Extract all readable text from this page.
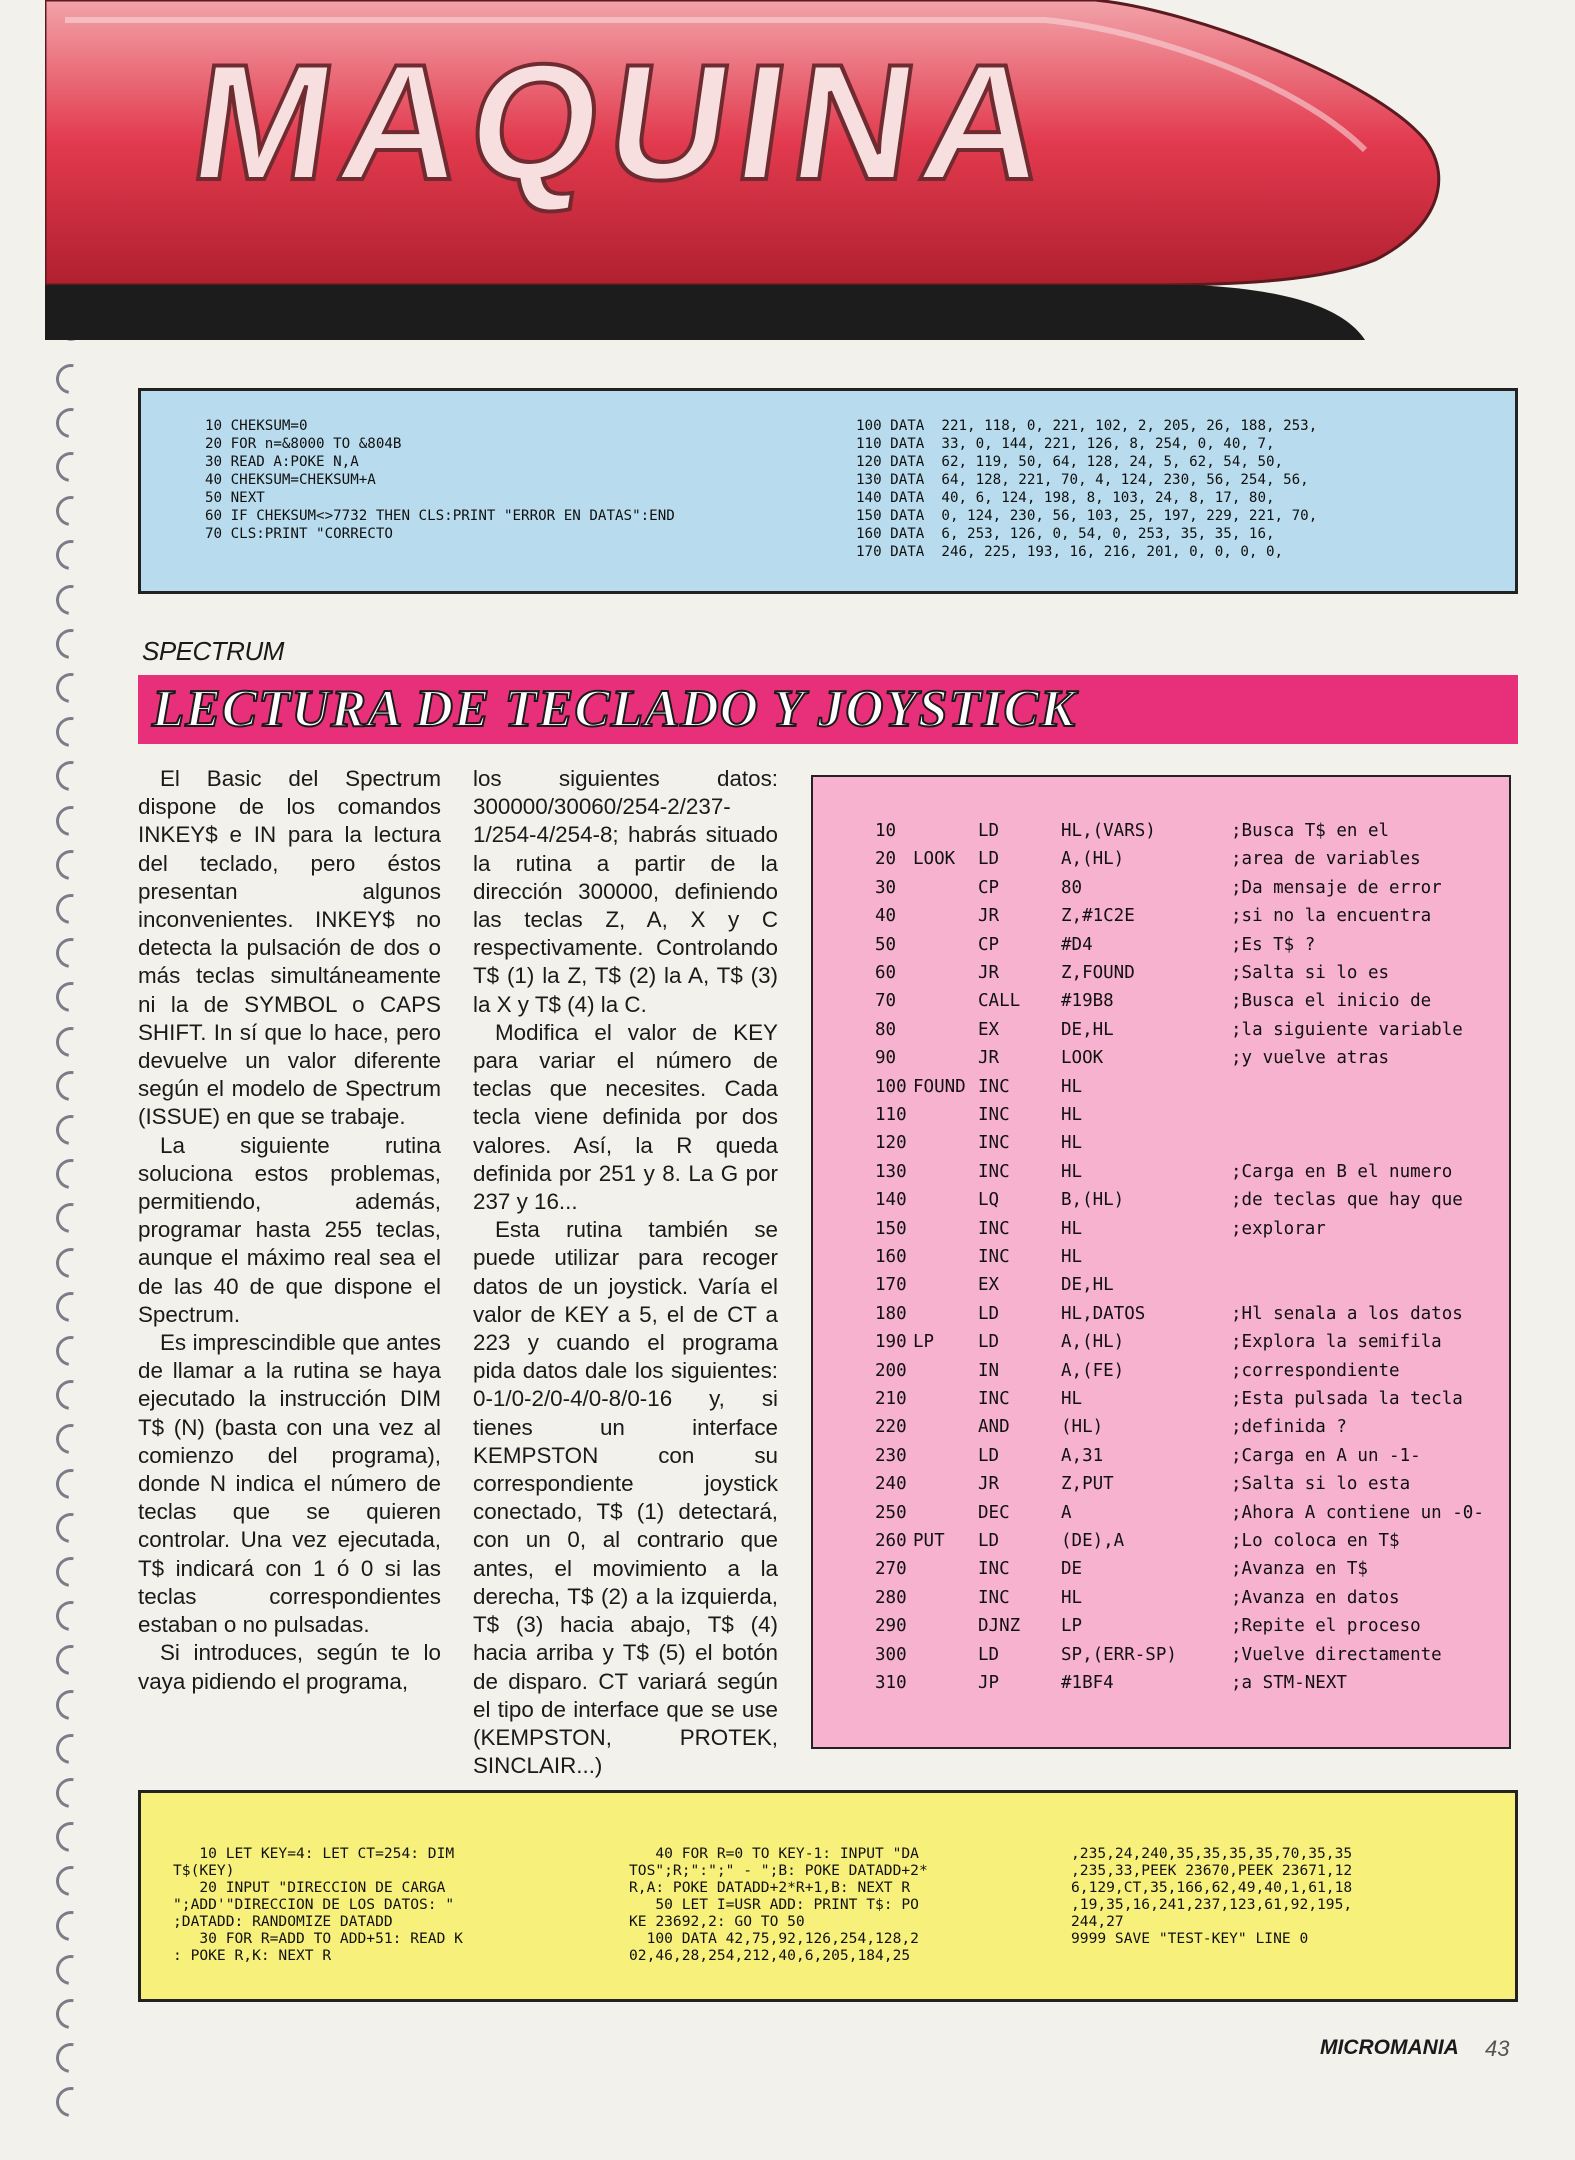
MAQUINA
10 CHEKSUM=0
20 FOR n=&8000 TO &804B
30 READ A:POKE N,A
40 CHEKSUM=CHEKSUM+A
50 NEXT
60 IF CHEKSUM<>7732 THEN CLS:PRINT "ERROR EN DATAS":END
70 CLS:PRINT "CORRECTO
100 DATA  221, 118, 0, 221, 102, 2, 205, 26, 188, 253,
110 DATA  33, 0, 144, 221, 126, 8, 254, 0, 40, 7,
120 DATA  62, 119, 50, 64, 128, 24, 5, 62, 54, 50,
130 DATA  64, 128, 221, 70, 4, 124, 230, 56, 254, 56,
140 DATA  40, 6, 124, 198, 8, 103, 24, 8, 17, 80,
150 DATA  0, 124, 230, 56, 103, 25, 197, 229, 221, 70,
160 DATA  6, 253, 126, 0, 54, 0, 253, 35, 35, 16,
170 DATA  246, 225, 193, 16, 216, 201, 0, 0, 0, 0,
SPECTRUM
LECTURA DE TECLADO Y JOYSTICK

El Basic del Spectrum dispone de los comandos INKEY$ e IN para la lectura del teclado, pero éstos presentan algunos inconvenientes. INKEY$ no detecta la pulsación de dos o más teclas simultáneamente ni la de SYMBOL o CAPS SHIFT. In sí que lo hace, pero devuelve un valor diferente según el modelo de Spectrum (ISSUE) en que se trabaje.

La siguiente rutina soluciona estos problemas, permitiendo, además, programar hasta 255 teclas, aunque el máximo real sea el de las 40 de que dispone el Spectrum.

Es imprescindible que antes de llamar a la rutina se haya ejecutado la instrucción DIM T$ (N) (basta con una vez al comienzo del programa), donde N indica el número de teclas que se quieren controlar. Una vez ejecutada, T$ indicará con 1 ó 0 si las teclas correspondientes estaban o no pulsadas.

Si introduces, según te lo vaya pidiendo el programa,

los siguientes datos: 300000/30060/254-2/237-1/254-4/254-8; habrás situado la rutina a partir de la dirección 300000, definiendo las teclas Z, A, X y C respectivamente. Controlando T$ (1) la Z, T$ (2) la A, T$ (3) la X y T$ (4) la C.

Modifica el valor de KEY para variar el número de teclas que necesites. Cada tecla viene definida por dos valores. Así, la R queda definida por 251 y 8. La G por 237 y 16...

Esta rutina también se puede utilizar para recoger datos de un joystick. Varía el valor de KEY a 5, el de CT a 223 y cuando el programa pida datos dale los siguientes: 0-1/0-2/0-4/0-8/0-16 y, si tienes un interface KEMPSTON con su correspondiente joystick conectado, T$ (1) detectará, con un 0, al contrario que antes, el movimiento a la derecha, T$ (2) a la izquierda, T$ (3) hacia abajo, T$ (4) hacia arriba y T$ (5) el botón de disparo. CT variará según el tipo de interface que se use (KEMPSTON, PROTEK, SINCLAIR...)

10	LD	HL,(VARS)	;Busca T$ en el
20 LOOK LD	A,(HL)	;area de variables
30	CP	80	;Da mensaje de error
40	JR	Z,#1C2E	;si no la encuentra
50	CP	#D4	;Es T$ ?
60	JR	Z,FOUND	;Salta si lo es
70	CALL #19B8	;Busca el inicio de
80	EX	DE,HL	;la siguiente variable
90	JR	LOOK	;y vuelve atras
100 FOUND INC	HL
110	INC	HL
120	INC	HL
130	INC	HL	;Carga en B el numero
140	LQ	B,(HL)	;de teclas que hay que
150	INC	HL	;explorar
160	INC	HL
170	EX	DE,HL
180	LD	HL,DATOS	;Hl senala a los datos
190 LP	LD	A,(HL)	;Explora la semifila
200	IN	A,(FE)	;correspondiente
210	INC	HL	;Esta pulsada la tecla
220	AND	(HL)	;definida ?
230	LD	A,31	;Carga en A un -1-
240	JR	Z,PUT	;Salta si lo esta
250	DEC	A	;Ahora A contiene un -0-
260 PUT LD	(DE),A	;Lo coloca en T$
270	INC	DE	;Avanza en T$
280	INC	HL	;Avanza en datos
290	DJNZ LP	;Repite el proceso
300	LD	SP,(ERR-SP)	;Vuelve directamente
310	JP	#1BF4	;a STM-NEXT
10 LET KEY=4: LET CT=254: DIM
T$(KEY)
20 INPUT "DIRECCION DE CARGA
";ADD'"DIRECCION DE LOS DATOS: "
;DATADD: RANDOMIZE DATADD
30 FOR R=ADD TO ADD+51: READ K
: POKE R,K: NEXT R
40 FOR R=0 TO KEY-1: INPUT "DA
TOS";R;":";" - ";B: POKE DATADD+2*
R,A: POKE DATADD+2*R+1,B: NEXT R
50 LET I=USR ADD: PRINT T$: PO
KE 23692,2: GO TO 50
100 DATA 42,75,92,126,254,128,2
02,46,28,254,212,40,6,205,184,25
,235,24,240,35,35,35,35,70,35,35
,235,33,PEEK 23670,PEEK 23671,12
6,129,CT,35,166,62,49,40,1,61,18
,19,35,16,241,237,123,61,92,195,
244,27
9999 SAVE "TEST-KEY" LINE 0
MICROMANIA 43
